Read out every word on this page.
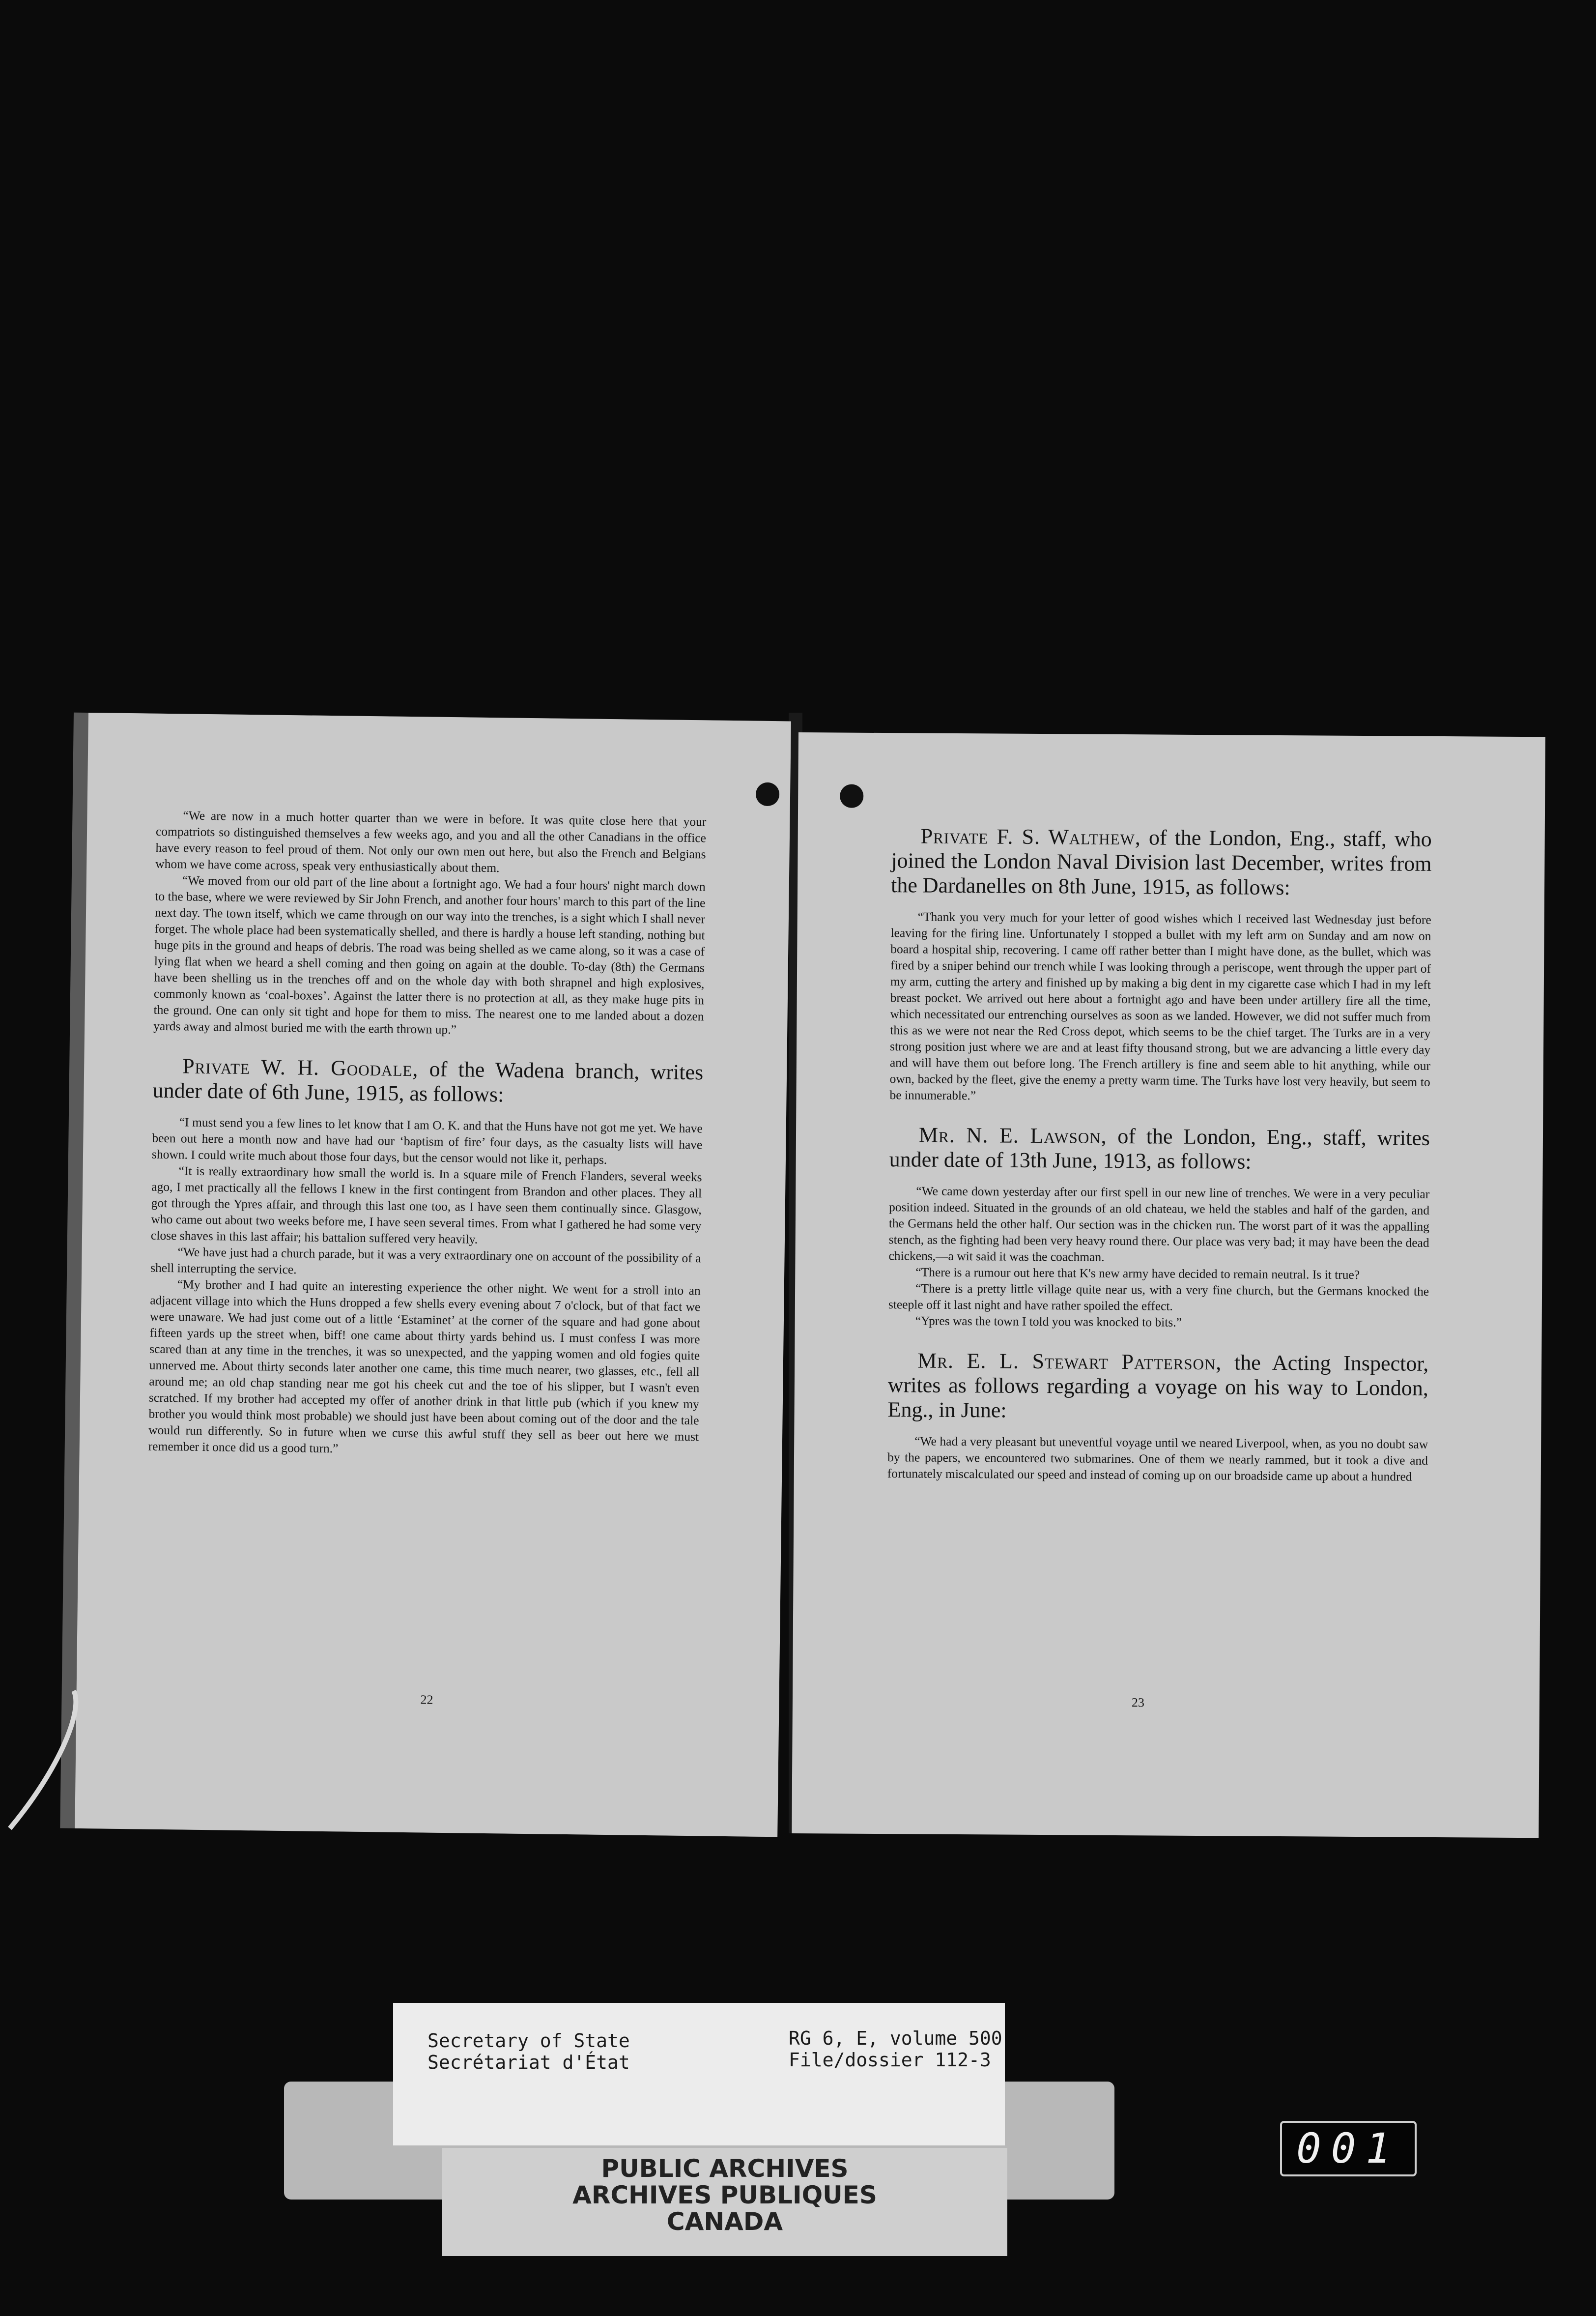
“We are now in a much hotter quarter than we were in before. It was quite close here that your compatriots so distinguished themselves a few weeks ago, and you and all the other Canadians in the office have every reason to feel proud of them. Not only our own men out here, but also the French and Belgians whom we have come across, speak very enthusiastically about them.

“We moved from our old part of the line about a fortnight ago. We had a four hours' night march down to the base, where we were reviewed by Sir John French, and another four hours' march to this part of the line next day. The town itself, which we came through on our way into the trenches, is a sight which I shall never forget. The whole place had been systematically shelled, and there is hardly a house left standing, nothing but huge pits in the ground and heaps of debris. The road was being shelled as we came along, so it was a case of lying flat when we heard a shell coming and then going on again at the double. To-day (8th) the Germans have been shelling us in the trenches off and on the whole day with both shrapnel and high explosives, commonly known as ‘coal-boxes’. Against the latter there is no protection at all, as they make huge pits in the ground. One can only sit tight and hope for them to miss. The nearest one to me landed about a dozen yards away and almost buried me with the earth thrown up.”

Private W. H. Goodale, of the Wadena branch, writes under date of 6th June, 1915, as follows:

“I must send you a few lines to let know that I am O. K. and that the Huns have not got me yet. We have been out here a month now and have had our ‘baptism of fire’ four days, as the casualty lists will have shown. I could write much about those four days, but the censor would not like it, perhaps.

“It is really extraordinary how small the world is. In a square mile of French Flanders, several weeks ago, I met practically all the fellows I knew in the first contingent from Brandon and other places. They all got through the Ypres affair, and through this last one too, as I have seen them continually since. Glasgow, who came out about two weeks before me, I have seen several times. From what I gathered he had some very close shaves in this last affair; his battalion suffered very heavily.

“We have just had a church parade, but it was a very extraordinary one on account of the possibility of a shell interrupting the service.

“My brother and I had quite an interesting experience the other night. We went for a stroll into an adjacent village into which the Huns dropped a few shells every evening about 7 o'clock, but of that fact we were unaware. We had just come out of a little ‘Estaminet’ at the corner of the square and had gone about fifteen yards up the street when, biff! one came about thirty yards behind us. I must confess I was more scared than at any time in the trenches, it was so unexpected, and the yapping women and old fogies quite unnerved me. About thirty seconds later another one came, this time much nearer, two glasses, etc., fell all around me; an old chap standing near me got his cheek cut and the toe of his slipper, but I wasn't even scratched. If my brother had accepted my offer of another drink in that little pub (which if you knew my brother you would think most probable) we should just have been about coming out of the door and the tale would run differently. So in future when we curse this awful stuff they sell as beer out here we must remember it once did us a good turn.”

22
Private F. S. Walthew, of the London, Eng., staff, who joined the London Naval Division last December, writes from the Dardanelles on 8th June, 1915, as follows:

“Thank you very much for your letter of good wishes which I received last Wednesday just before leaving for the firing line. Unfortunately I stopped a bullet with my left arm on Sunday and am now on board a hospital ship, recovering. I came off rather better than I might have done, as the bullet, which was fired by a sniper behind our trench while I was looking through a periscope, went through the upper part of my arm, cutting the artery and finished up by making a big dent in my cigarette case which I had in my left breast pocket. We arrived out here about a fortnight ago and have been under artillery fire all the time, which necessitated our entrenching ourselves as soon as we landed. However, we did not suffer much from this as we were not near the Red Cross depot, which seems to be the chief target. The Turks are in a very strong position just where we are and at least fifty thousand strong, but we are advancing a little every day and will have them out before long. The French artillery is fine and seem able to hit anything, while our own, backed by the fleet, give the enemy a pretty warm time. The Turks have lost very heavily, but seem to be innumerable.”

Mr. N. E. Lawson, of the London, Eng., staff, writes under date of 13th June, 1913, as follows:

“We came down yesterday after our first spell in our new line of trenches. We were in a very peculiar position indeed. Situated in the grounds of an old chateau, we held the stables and half of the garden, and the Germans held the other half. Our section was in the chicken run. The worst part of it was the appalling stench, as the fighting had been very heavy round there. Our place was very bad; it may have been the dead chickens,—a wit said it was the coachman.

“There is a rumour out here that K's new army have decided to remain neutral. Is it true?

“There is a pretty little village quite near us, with a very fine church, but the Germans knocked the steeple off it last night and have rather spoiled the effect.

“Ypres was the town I told you was knocked to bits.”

Mr. E. L. Stewart Patterson, the Acting Inspector, writes as follows regarding a voyage on his way to London, Eng., in June:

“We had a very pleasant but uneventful voyage until we neared Liverpool, when, as you no doubt saw by the papers, we encountered two submarines. One of them we nearly rammed, but it took a dive and fortunately miscalculated our speed and instead of coming up on our broadside came up about a hundred

23
Secretary of State
Secrétariat d'État
RG 6, E, volume 500
File/dossier 112-3
PUBLIC ARCHIVES
ARCHIVES PUBLIQUES
CANADA
001
